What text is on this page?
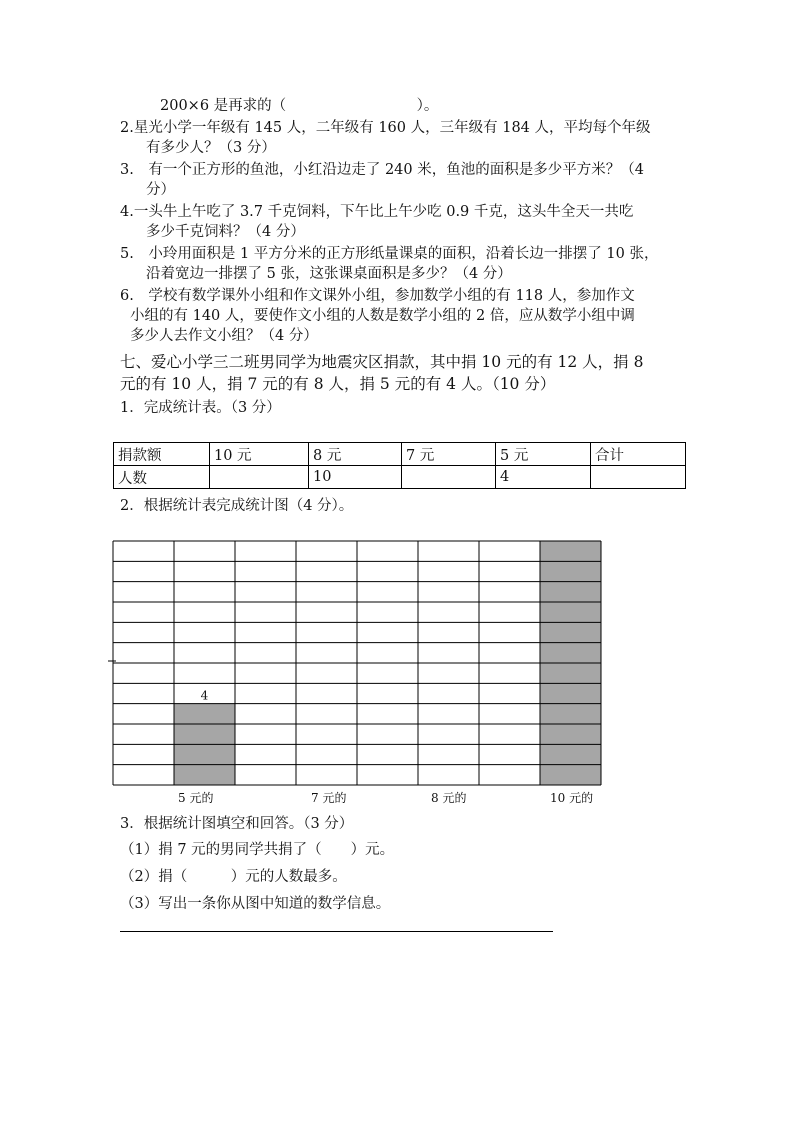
200×6 是再求的（　　　　　　　　　）。
2.星光小学一年级有 145 人，二年级有 160 人，三年级有 184 人，平均每个年级
有多少人？（3 分）
3.　有一个正方形的鱼池，小红沿边走了 240 米，鱼池的面积是多少平方米？（4
分）
4.一头牛上午吃了 3.7 千克饲料，下午比上午少吃 0.9 千克，这头牛全天一共吃
多少千克饲料？（4 分）
5.　小玲用面积是 1 平方分米的正方形纸量课桌的面积，沿着长边一排摆了 10 张，
沿着宽边一排摆了 5 张，这张课桌面积是多少？（4 分）
6.　学校有数学课外小组和作文课外小组，参加数学小组的有 118 人，参加作文
小组的有 140 人，要使作文小组的人数是数学小组的 2 倍，应从数学小组中调
多少人去作文小组？（4 分）
七、爱心小学三二班男同学为地震灾区捐款，其中捐 10 元的有 12 人，捐 8
元的有 10 人，捐 7 元的有 8 人，捐 5 元的有 4 人。（10 分）
1．完成统计表。（3 分）
捐款额	10 元	8 元	7 元	5 元	合计
人数		10		4	
2．根据统计表完成统计图（4 分）。
4
5 元的	7 元的	8 元的	10 元的
3．根据统计图填空和回答。（3 分）
（1）捐 7 元的男同学共捐了（　　）元。
（2）捐（　　　）元的人数最多。
（3）写出一条你从图中知道的数学信息。
